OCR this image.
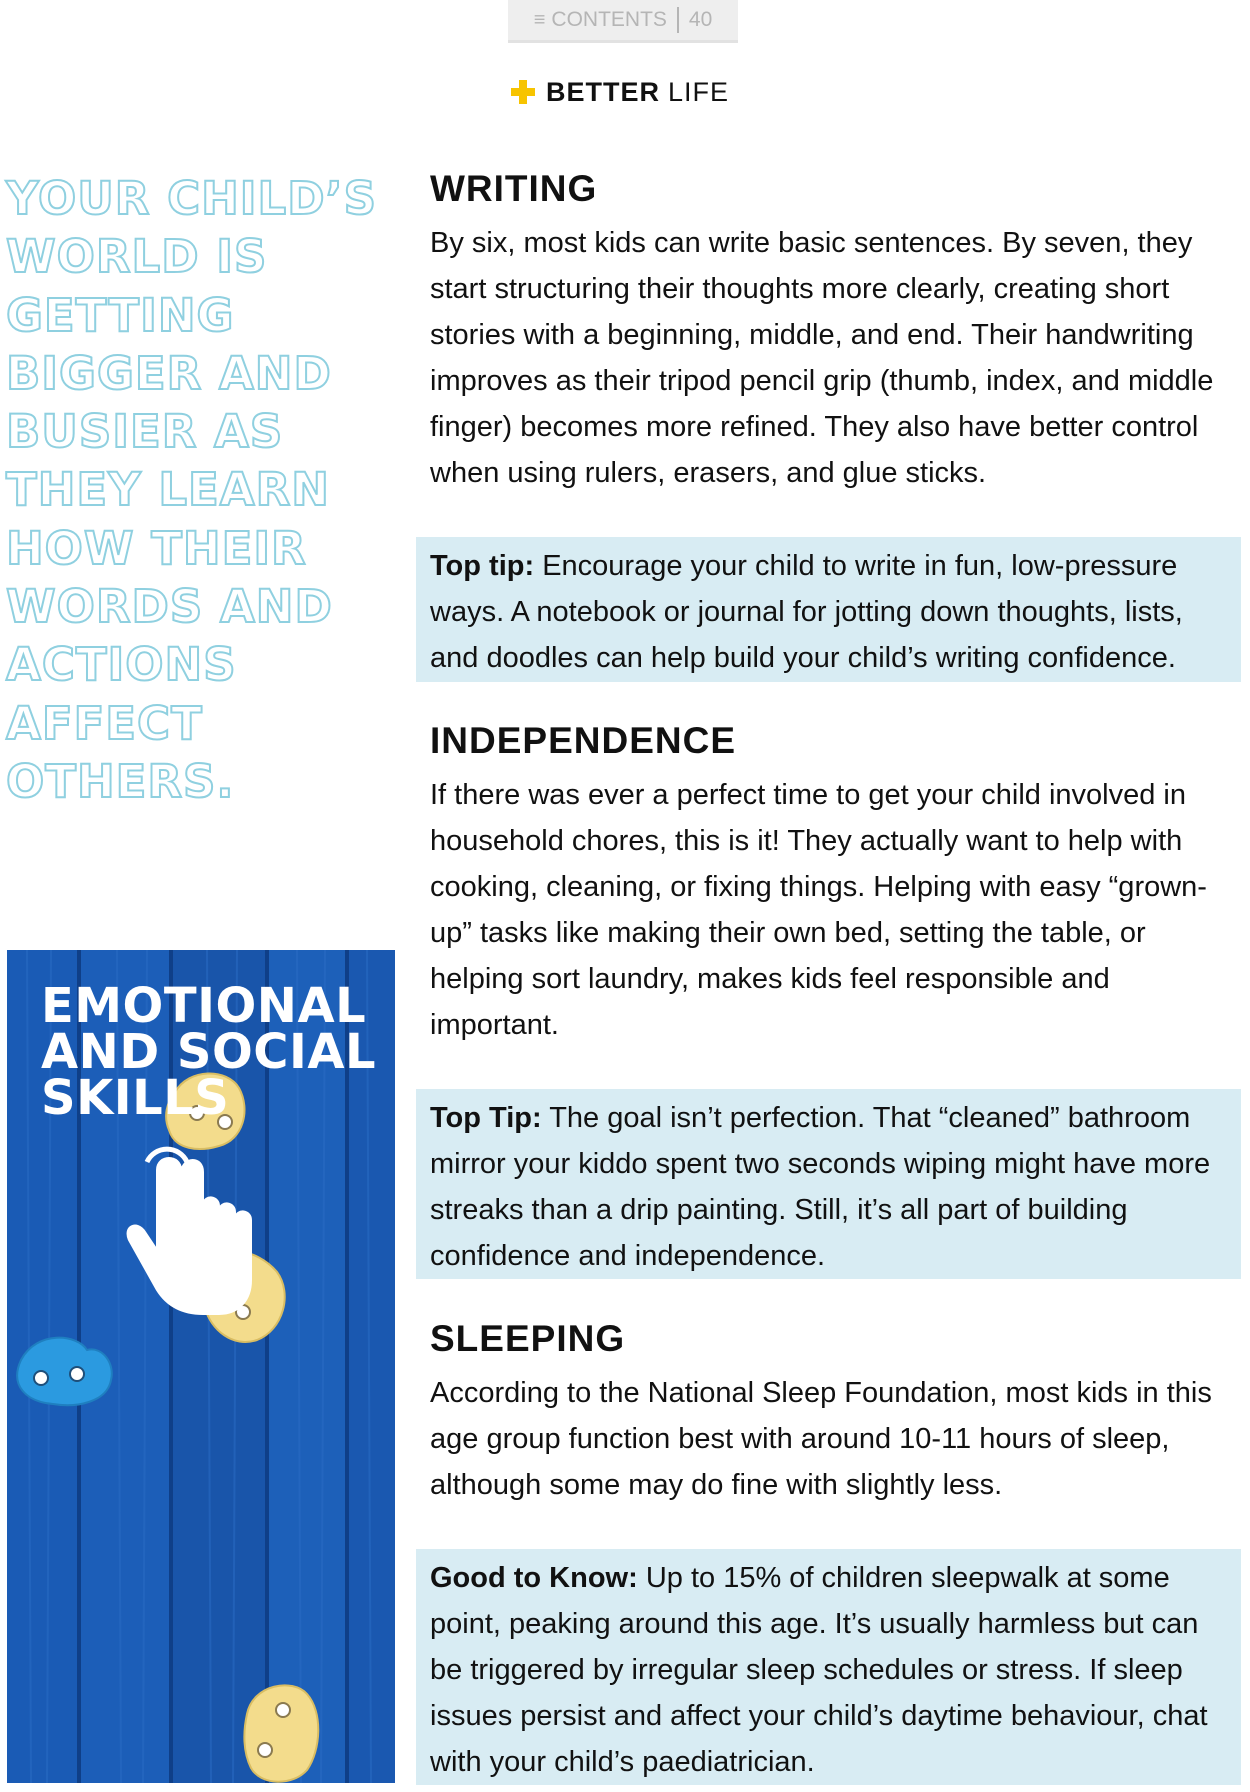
≡ CONTENTS 40
BETTER LIFE
YOUR CHILD’S
WORLD IS
GETTING
BIGGER AND
BUSIER AS
THEY LEARN
HOW THEIR
WORDS AND
ACTIONS
AFFECT
OTHERS.
EMOTIONAL
AND SOCIAL
SKILLS
WRITING

By six, most kids can write basic sentences. By seven, they start structuring their thoughts more clearly, creating short stories with a beginning, middle, and end. Their handwriting improves as their tripod pencil grip (thumb, index, and middle finger) becomes more refined. They also have better control when using rulers, erasers, and glue sticks.

Top tip: Encourage your child to write in fun, low-pressure ways. A notebook or journal for jotting down thoughts, lists, and doodles can help build your child’s writing confidence.

INDEPENDENCE

If there was ever a perfect time to get your child involved in household chores, this is it! They actually want to help with cooking, cleaning, or fixing things. Helping with easy “grown-up” tasks like making their own bed, setting the table, or helping sort laundry, makes kids feel responsible and important.

Top Tip: The goal isn’t perfection. That “cleaned” bathroom mirror your kiddo spent two seconds wiping might have more streaks than a drip painting. Still, it’s all part of building confidence and independence.

SLEEPING

According to the National Sleep Foundation, most kids in this age group function best with around 10-11 hours of sleep, although some may do fine with slightly less.

Good to Know: Up to 15% of children sleepwalk at some point, peaking around this age. It’s usually harmless but can be triggered by irregular sleep schedules or stress. If sleep issues persist and affect your child’s daytime behaviour, chat with your child’s paediatrician.
